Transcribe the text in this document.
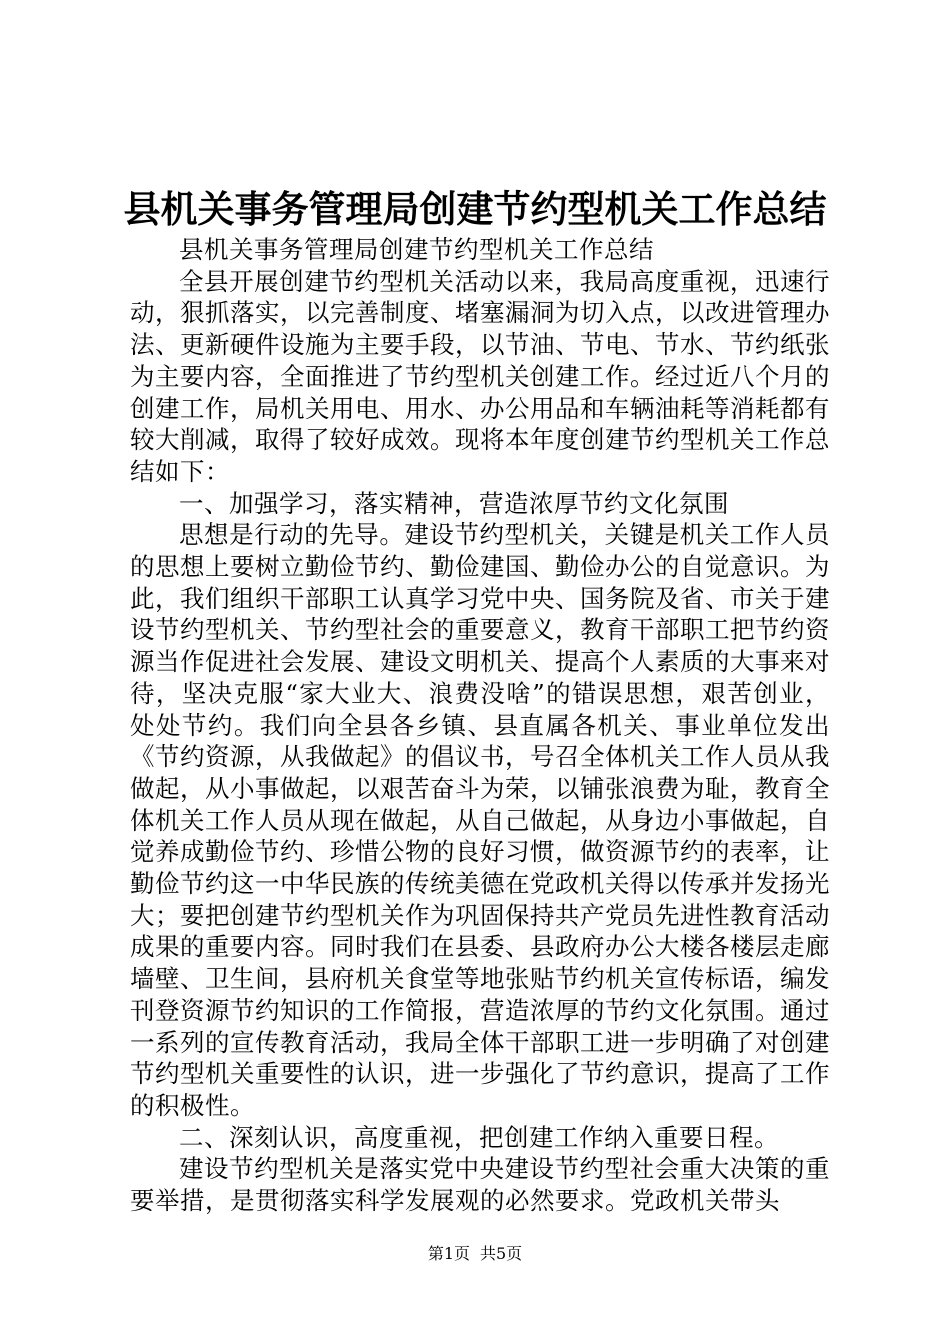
县机关事务管理局创建节约型机关工作总结

县机关事务管理局创建节约型机关工作总结

全县开展创建节约型机关活动以来，我局高度重视，迅速行动，狠抓落实，以完善制度、堵塞漏洞为切入点，以改进管理办法、更新硬件设施为主要手段，以节油、节电、节水、节约纸张为主要内容，全面推进了节约型机关创建工作。经过近八个月的创建工作，局机关用电、用水、办公用品和车辆油耗等消耗都有较大削减，取得了较好成效。现将本年度创建节约型机关工作总结如下：

一、加强学习，落实精神，营造浓厚节约文化氛围

思想是行动的先导。建设节约型机关，关键是机关工作人员的思想上要树立勤俭节约、勤俭建国、勤俭办公的自觉意识。为此，我们组织干部职工认真学习党中央、国务院及省、市关于建设节约型机关、节约型社会的重要意义，教育干部职工把节约资源当作促进社会发展、建设文明机关、提高个人素质的大事来对待，坚决克服“家大业大、浪费没啥”的错误思想，艰苦创业，处处节约。我们向全县各乡镇、县直属各机关、事业单位发出《节约资源，从我做起》的倡议书，号召全体机关工作人员从我做起，从小事做起，以艰苦奋斗为荣，以铺张浪费为耻，教育全体机关工作人员从现在做起，从自己做起，从身边小事做起，自觉养成勤俭节约、珍惜公物的良好习惯，做资源节约的表率，让勤俭节约这一中华民族的传统美德在党政机关得以传承并发扬光大；要把创建节约型机关作为巩固保持共产党员先进性教育活动成果的重要内容。同时我们在县委、县政府办公大楼各楼层走廊墙壁、卫生间，县府机关食堂等地张贴节约机关宣传标语，编发刊登资源节约知识的工作简报，营造浓厚的节约文化氛围。通过一系列的宣传教育活动，我局全体干部职工进一步明确了对创建节约型机关重要性的认识，进一步强化了节约意识，提高了工作的积极性。

二、深刻认识，高度重视，把创建工作纳入重要日程。

建设节约型机关是落实党中央建设节约型社会重大决策的重要举措，是贯彻落实科学发展观的必然要求。党政机关带头

第1页 共5页
